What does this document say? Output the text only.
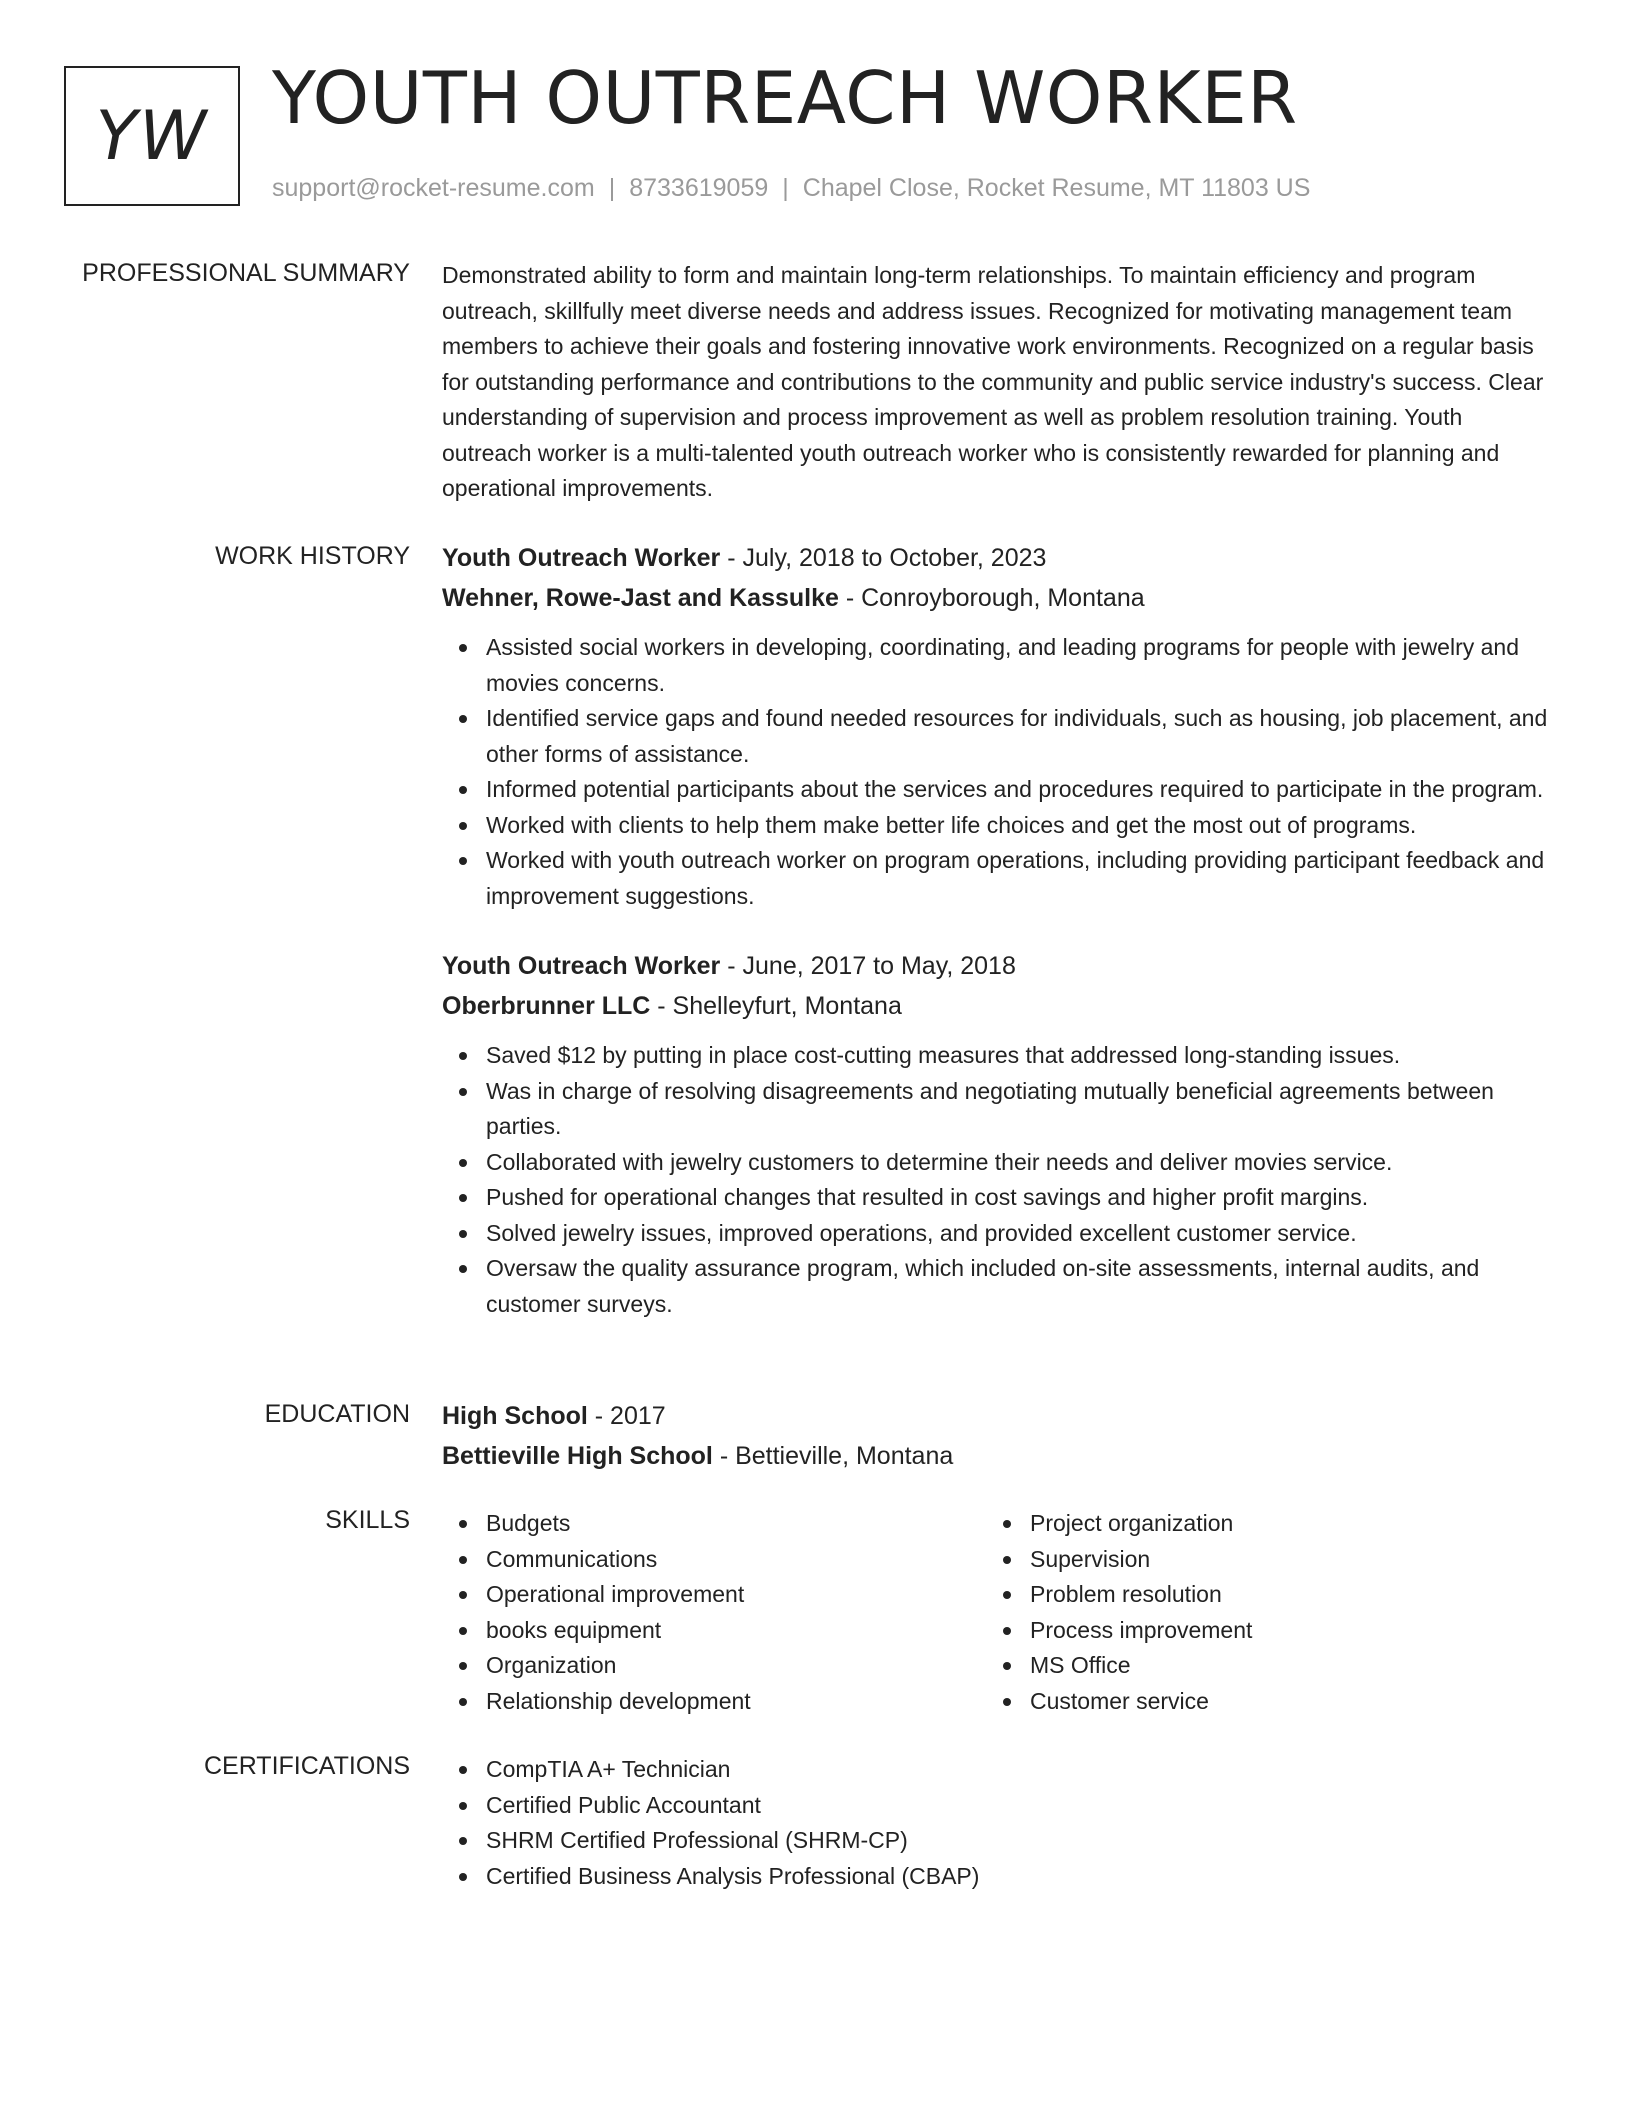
YW YOUTH OUTREACH WORKER
support@rocket-resume.com | 8733619059 | Chapel Close, Rocket Resume, MT 11803 US
PROFESSIONAL SUMMARY Demonstrated ability to form and maintain long-term relationships. To maintain efficiency and program outreach, skillfully meet diverse needs and address issues. Recognized for motivating management team members to achieve their goals and fostering innovative work environments. Recognized on a regular basis for outstanding performance and contributions to the community and public service industry's success. Clear understanding of supervision and process improvement as well as problem resolution training. Youth outreach worker is a multi-talented youth outreach worker who is consistently rewarded for planning and operational improvements.

WORK HISTORY Youth Outreach Worker - July, 2018 to October, 2023
Wehner, Rowe-Jast and Kassulke - Conroyborough, Montana
Assisted social workers in developing, coordinating, and leading programs for people with jewelry and movies concerns.
Identified service gaps and found needed resources for individuals, such as housing, job placement, and other forms of assistance.
Informed potential participants about the services and procedures required to participate in the program.
Worked with clients to help them make better life choices and get the most out of programs.
Worked with youth outreach worker on program operations, including providing participant feedback and improvement suggestions.
Youth Outreach Worker - June, 2017 to May, 2018
Oberbrunner LLC - Shelleyfurt, Montana
Saved $12 by putting in place cost-cutting measures that addressed long-standing issues.
Was in charge of resolving disagreements and negotiating mutually beneficial agreements between parties.
Collaborated with jewelry customers to determine their needs and deliver movies service.
Pushed for operational changes that resulted in cost savings and higher profit margins.
Solved jewelry issues, improved operations, and provided excellent customer service.
Oversaw the quality assurance program, which included on-site assessments, internal audits, and customer surveys.
EDUCATION High School - 2017
Bettieville High School - Bettieville, Montana
SKILLS	Budgets
Communications
Operational improvement
books equipment
Organization
Relationship development
Project organization
Supervision
Problem resolution
Process improvement
MS Office
Customer service
CERTIFICATIONS	CompTIA A+ Technician
Certified Public Accountant
SHRM Certified Professional (SHRM-CP)
Certified Business Analysis Professional (CBAP)
